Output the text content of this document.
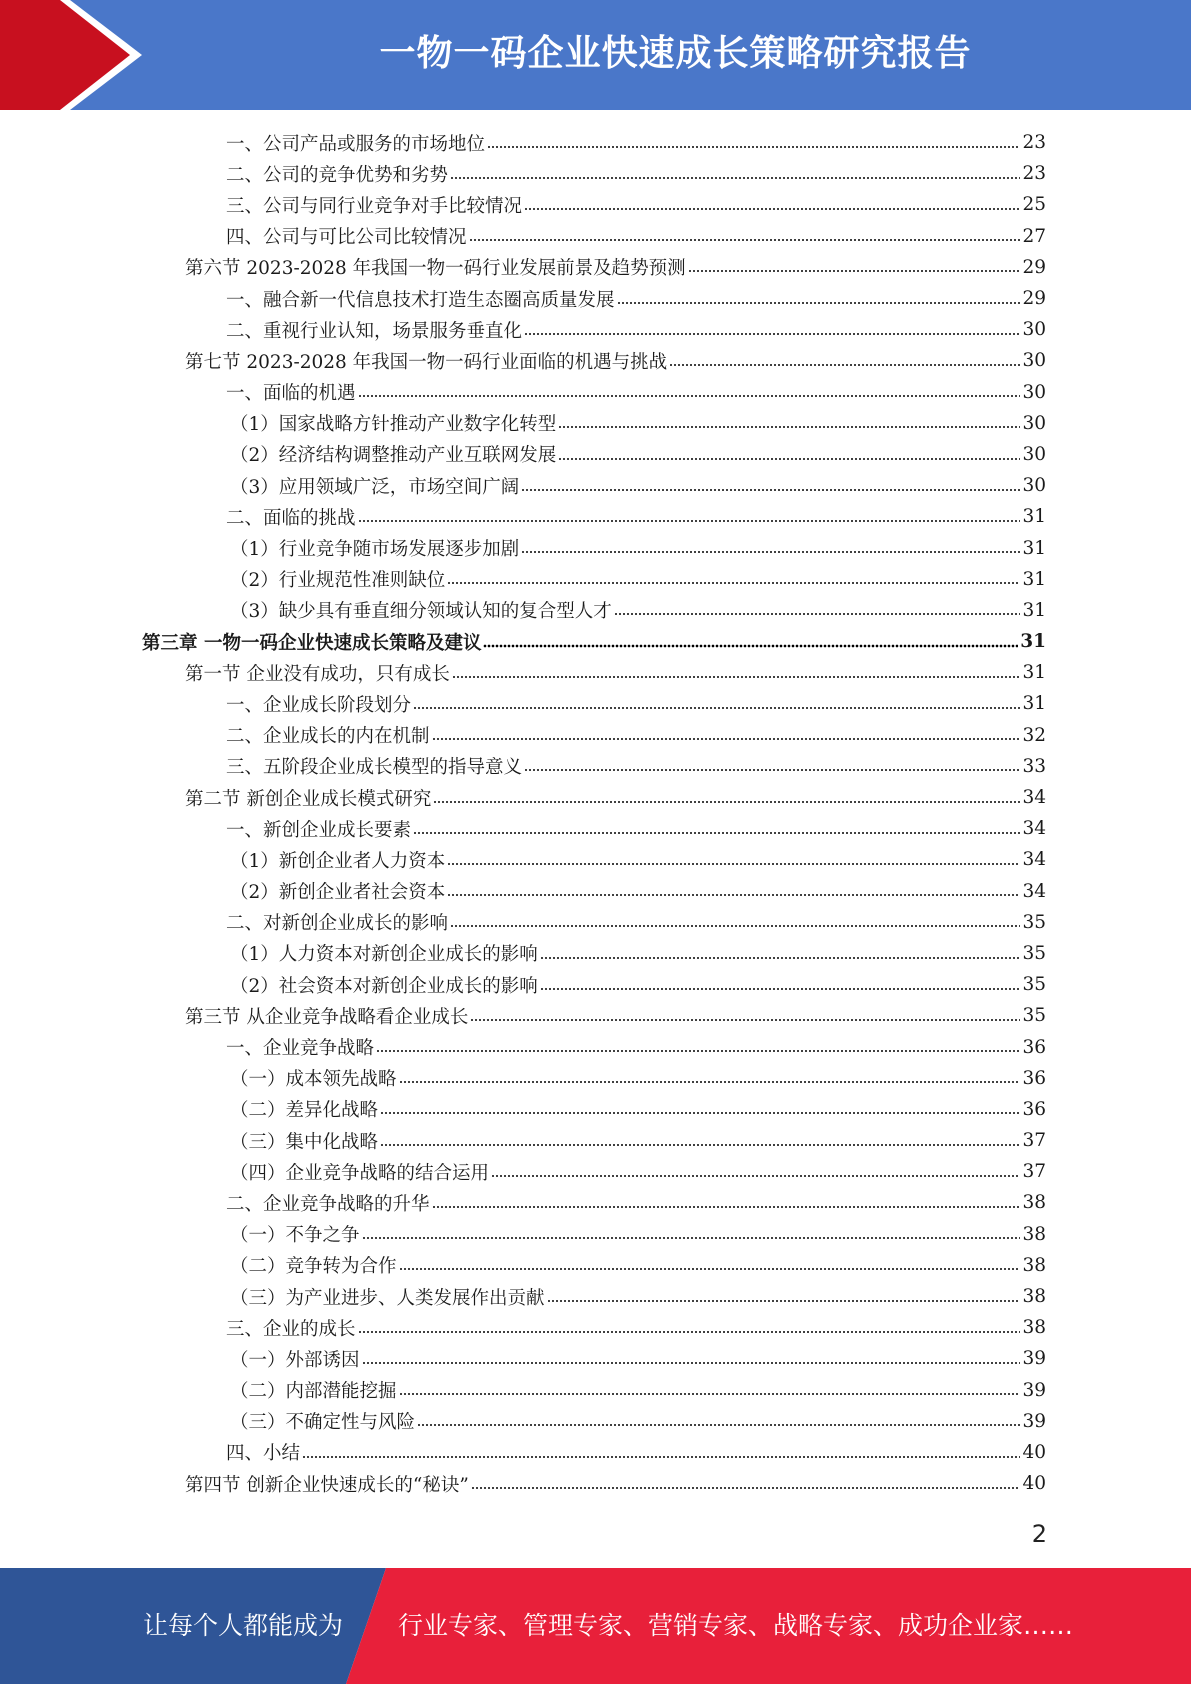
一物一码企业快速成长策略研究报告
一、公司产品或服务的市场地位	23
二、公司的竞争优势和劣势	23
三、公司与同行业竞争对手比较情况	25
四、公司与可比公司比较情况	27
第六节 2023-2028 年我国一物一码行业发展前景及趋势预测	29
一、融合新一代信息技术打造生态圈高质量发展	29
二、重视行业认知，场景服务垂直化	30
第七节 2023-2028 年我国一物一码行业面临的机遇与挑战	30
一、面临的机遇	30
（1）国家战略方针推动产业数字化转型	30
（2）经济结构调整推动产业互联网发展	30
（3）应用领域广泛，市场空间广阔	30
二、面临的挑战	31
（1）行业竞争随市场发展逐步加剧	31
（2）行业规范性准则缺位	31
（3）缺少具有垂直细分领域认知的复合型人才	31
第三章 一物一码企业快速成长策略及建议	31
第一节 企业没有成功，只有成长	31
一、企业成长阶段划分	31
二、企业成长的内在机制	32
三、五阶段企业成长模型的指导意义	33
第二节 新创企业成长模式研究	34
一、新创企业成长要素	34
（1）新创企业者人力资本	34
（2）新创企业者社会资本	34
二、对新创企业成长的影响	35
（1）人力资本对新创企业成长的影响	35
（2）社会资本对新创企业成长的影响	35
第三节 从企业竞争战略看企业成长	35
一、企业竞争战略	36
（一）成本领先战略	36
（二）差异化战略	36
（三）集中化战略	37
（四）企业竞争战略的结合运用	37
二、企业竞争战略的升华	38
（一）不争之争	38
（二）竞争转为合作	38
（三）为产业进步、人类发展作出贡献	38
三、企业的成长	38
（一）外部诱因	39
（二）内部潜能挖掘	39
（三）不确定性与风险	39
四、小结	40
第四节 创新企业快速成长的“秘诀”	40
2
让每个人都能成为 行业专家、管理专家、营销专家、战略专家、成功企业家……
